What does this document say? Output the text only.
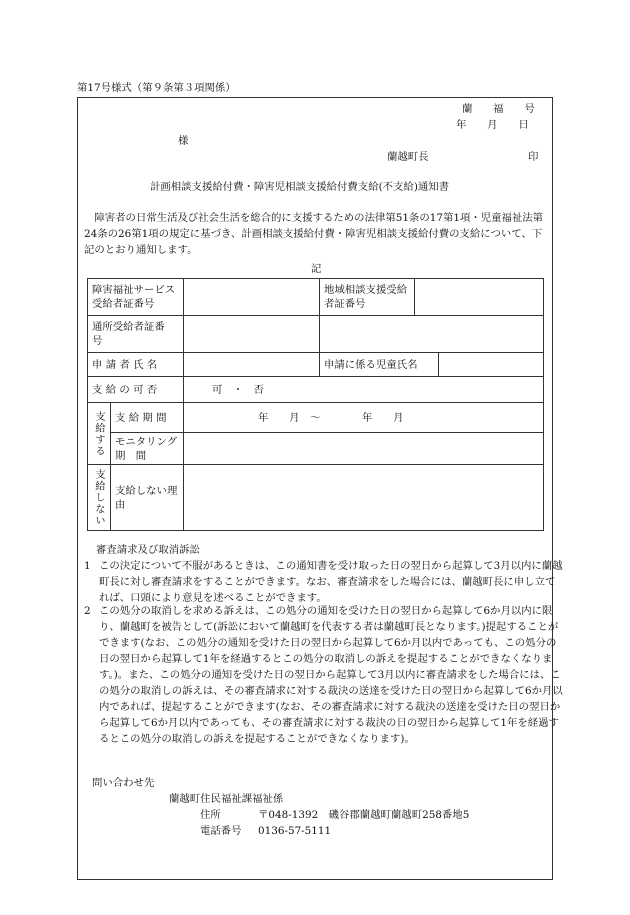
第17号様式（第９条第３項関係）
蘭　　福　　号
年　　月　　日
様
蘭越町長	印
計画相談支援給付費・障害児相談支援給付費支給(不支給)通知書
障害者の日常生活及び社会生活を総合的に支援するための法律第51条の17第1項・児童福祉法第24条の26第1項の規定に基づき、計画相談支援給付費・障害児相談支援給付費の支給について、下記のとおり通知します。
記
障害福祉サービス受給者証番号			地域相談支援受給者証番号		

通所受給者証番　　　　　号				

申 請 者 氏 名			申請に係る児童氏名		
支 給 の 可 否		可　・　否			

支給する	支 給 期 間	年　　月　～　　　　年　　月			
	モニタリング　期　間				

支給しない	支給しない理　　　由				
審査請求及び取消訴訟
1 この決定について不服があるときは、この通知書を受け取った日の翌日から起算して3月以内に蘭越町長に対し審査請求をすることができます。なお、審査請求をした場合には、蘭越町長に申し立てれば、口頭により意見を述べることができます。
2 この処分の取消しを求める訴えは、この処分の通知を受けた日の翌日から起算して6か月以内に限り、蘭越町を被告として(訴訟において蘭越町を代表する者は蘭越町長となります。)提起することができます(なお、この処分の通知を受けた日の翌日から起算して6か月以内であっても、この処分の日の翌日から起算して1年を経過するとこの処分の取消しの訴えを提起することができなくなります。)。また、この処分の通知を受けた日の翌日から起算して3月以内に審査請求をした場合には、この処分の取消しの訴えは、その審査請求に対する裁決の送達を受けた日の翌日から起算して6か月以内であれば、提起することができます(なお、その審査請求に対する裁決の送達を受けた日の翌日から起算して6か月以内であっても、その審査請求に対する裁決の日の翌日から起算して1年を経過するとこの処分の取消しの訴えを提起することができなくなります)。
問い合わせ先
蘭越町住民福祉課福祉係
住所	〒048-1392　磯谷郡蘭越町蘭越町258番地5
電話番号 0136-57-5111
